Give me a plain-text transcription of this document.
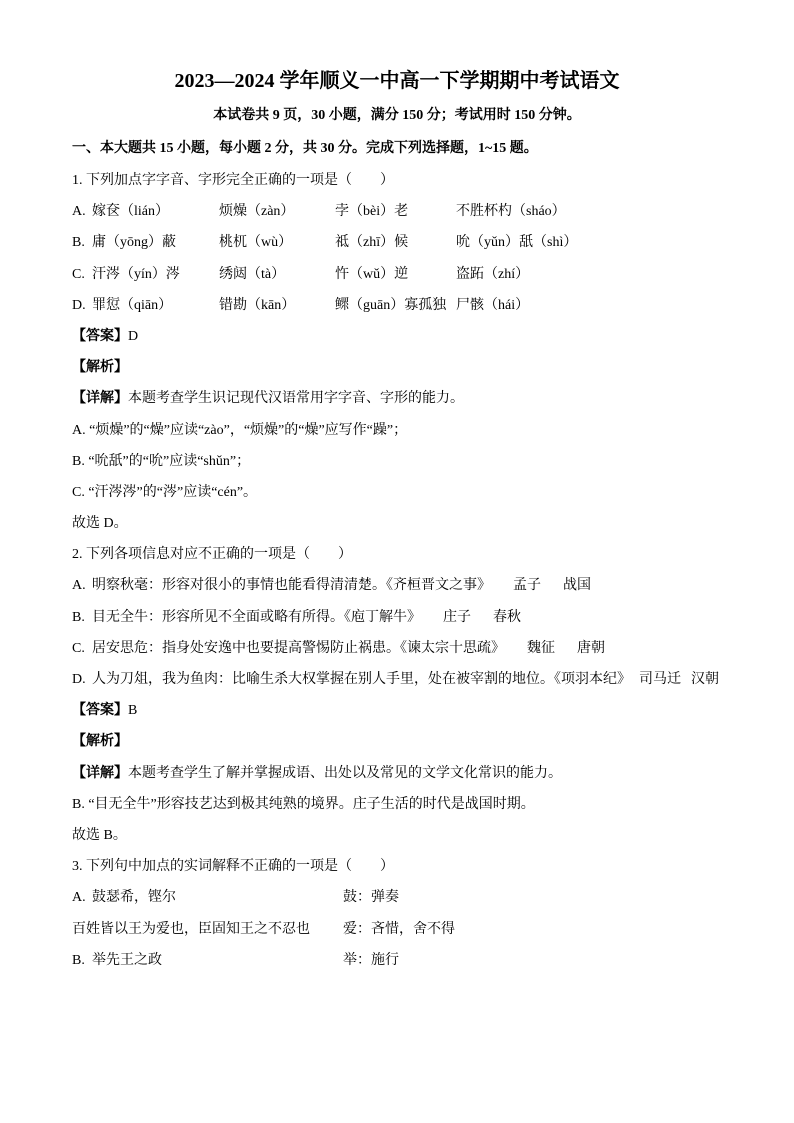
2023—2024 学年顺义一中高一下学期期中考试语文
本试卷共 9 页，30 小题，满分 150 分；考试用时 150 分钟。
一、本大题共 15 小题，每小题 2 分，共 30 分。完成下列选择题，1~15 题。
1. 下列加点字字音、字形完全正确的一项是（　　）
A. 嫁奁（lián）	烦燥（zàn）	孛（bèi）老	不胜杯杓（sháo）
B. 庸（yōng）蔽	桃杌（wù）	祗（zhī）候	吮（yǔn）舐（shì）
C. 汗涔（yín）涔	绣闼（tà）	忤（wǔ）逆	盗跖（zhí）
D. 罪愆（qiān）	错勘（kān）	鳏（guān）寡孤独 尸骸（hái）
【答案】D
【解析】
【详解】本题考查学生识记现代汉语常用字字音、字形的能力。
A. “烦燥”的“燥”应读“zào”，“烦燥”的“燥”应写作“躁”；
B. “吮舐”的“吮”应读“shǔn”；
C. “汗涔涔”的“涔”应读“cén”。
故选 D。
2. 下列各项信息对应不正确的一项是（　　）
A. 明察秋毫：形容对很小的事情也能看得清清楚。《齐桓晋文之事》 孟子 战国
B. 目无全牛：形容所见不全面或略有所得。《庖丁解牛》 庄子 春秋
C. 居安思危：指身处安逸中也要提高警惕防止祸患。《谏太宗十思疏》 魏征 唐朝
D. 人为刀俎，我为鱼肉：比喻生杀大权掌握在别人手里，处在被宰割的地位。《项羽本纪》 司马迁 汉朝
【答案】B
【解析】
【详解】本题考查学生了解并掌握成语、出处以及常见的文学文化常识的能力。
B. “目无全牛”形容技艺达到极其纯熟的境界。庄子生活的时代是战国时期。
故选 B。
3. 下列句中加点的实词解释不正确的一项是（　　）
A. 鼓瑟希，铿尔	鼓：弹奏
百姓皆以王为爱也，臣固知王之不忍也	爱：吝惜，舍不得
B. 举先王之政	举：施行
